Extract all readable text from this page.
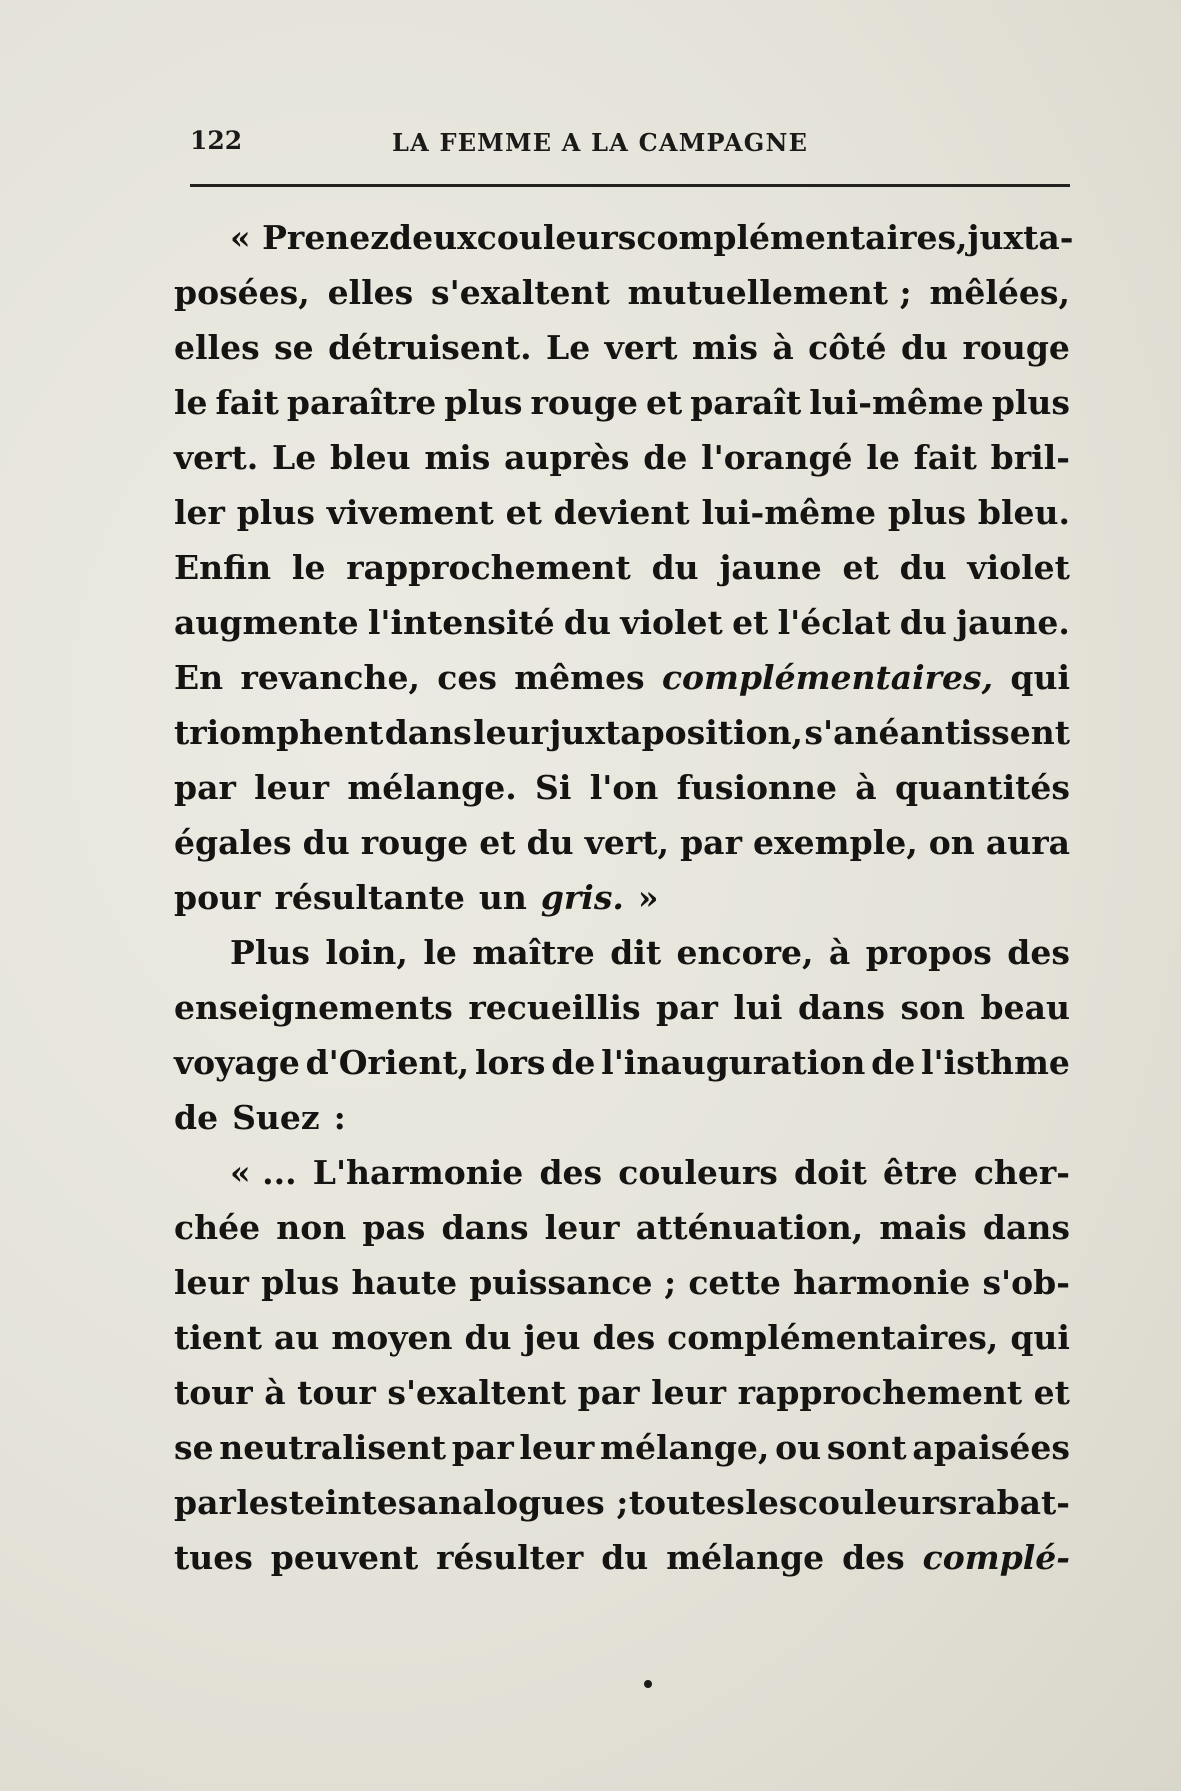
122	LA FEMME A LA CAMPAGNE
« Prenez deux couleurs complémentaires, juxta-
posées, elles s'exaltent mutuellement ; mêlées,
elles se détruisent. Le vert mis à côté du rouge
le fait paraître plus rouge et paraît lui-même plus
vert. Le bleu mis auprès de l'orangé le fait bril-
ler plus vivement et devient lui-même plus bleu.
Enfin le rapprochement du jaune et du violet
augmente l'intensité du violet et l'éclat du jaune.
En revanche, ces mêmes complémentaires, qui
triomphent dans leur juxtaposition, s'anéantissent
par leur mélange. Si l'on fusionne à quantités
égales du rouge et du vert, par exemple, on aura
pour résultante un gris. »
Plus loin, le maître dit encore, à propos des
enseignements recueillis par lui dans son beau
voyage d'Orient, lors de l'inauguration de l'isthme
de Suez :
« ... L'harmonie des couleurs doit être cher-
chée non pas dans leur atténuation, mais dans
leur plus haute puissance ; cette harmonie s'ob-
tient au moyen du jeu des complémentaires, qui
tour à tour s'exaltent par leur rapprochement et
se neutralisent par leur mélange, ou sont apaisées
par les teintes analogues ; toutes les couleurs rabat-
tues peuvent résulter du mélange des complé-
